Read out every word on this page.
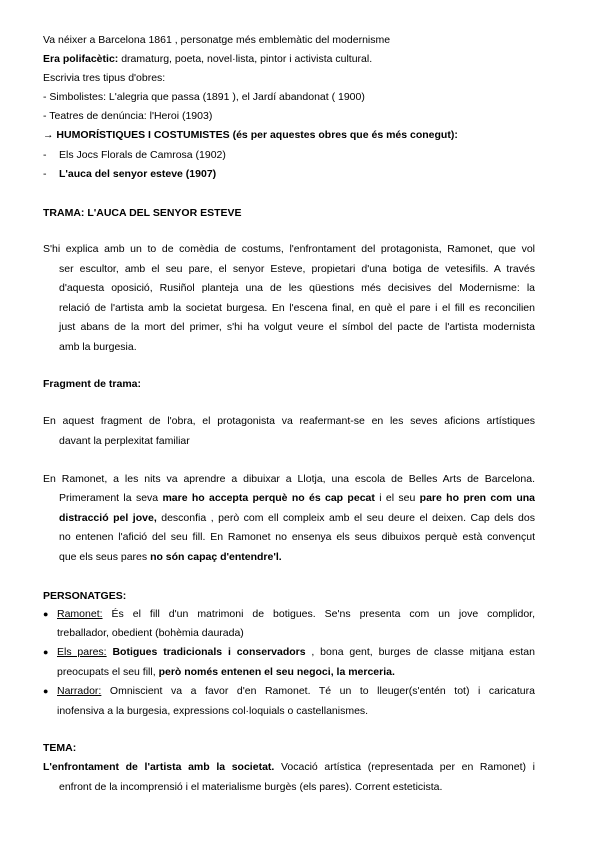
Va néixer a Barcelona 1861 , personatge més emblemàtic del modernisme
Era polifacètic: dramaturg, poeta, novel·lista, pintor i activista cultural.
Escrivia tres tipus d'obres:
- Simbolistes: L'alegria que passa (1891 ), el Jardí abandonat ( 1900)
- Teatres de denúncia: l'Heroi (1903)
→ HUMORÍSTIQUES I COSTUMISTES (és per aquestes obres que és més conegut):
- Els Jocs Florals de Camrosa (1902)
- L'auca del senyor esteve (1907)
TRAMA: L'AUCA DEL SENYOR ESTEVE
S'hi explica amb un to de comèdia de costums, l'enfrontament del protagonista, Ramonet, que vol
ser escultor, amb el seu pare, el senyor Esteve, propietari d'una botiga de vetesifils. A través
d'aquesta oposició, Rusiñol planteja una de les qüestions més decisives del Modernisme: la
relació de l'artista amb la societat burgesa. En l'escena final, en què el pare i el fill es reconcilien
just abans de la mort del primer, s'hi ha volgut veure el símbol del pacte de l'artista modernista
amb la burgesia.
Fragment de trama:
En aquest fragment de l'obra, el protagonista va reafermant-se en les seves aficions artístiques
davant la perplexitat familiar
En Ramonet, a les nits va aprendre a dibuixar a Llotja, una escola de Belles Arts de Barcelona.
Primerament la seva mare ho accepta perquè no és cap pecat i el seu pare ho pren com una
distracció pel jove, desconfia , però com ell compleix amb el seu deure el deixen. Cap dels dos
no entenen l'afició del seu fill. En Ramonet no ensenya els seus dibuixos perquè està convençut
que els seus pares no són capaç d'entendre'l.
PERSONATGES:
● Ramonet: És el fill d'un matrimoni de botigues. Se'ns presenta com un jove complidor,
treballador, obedient (bohèmia daurada)
● Els pares: Botigues tradicionals i conservadors , bona gent, burges de classe mitjana estan
preocupats el seu fill, però només entenen el seu negoci, la merceria.
● Narrador: Omniscient va a favor d'en Ramonet. Té un to lleuger(s'entén tot) i caricatura
inofensiva a la burgesia, expressions col·loquials o castellanismes.
TEMA:
L'enfrontament de l'artista amb la societat. Vocació artística (representada per en Ramonet) i
enfront de la incomprensió i el materialisme burgès (els pares). Corrent esteticista.
